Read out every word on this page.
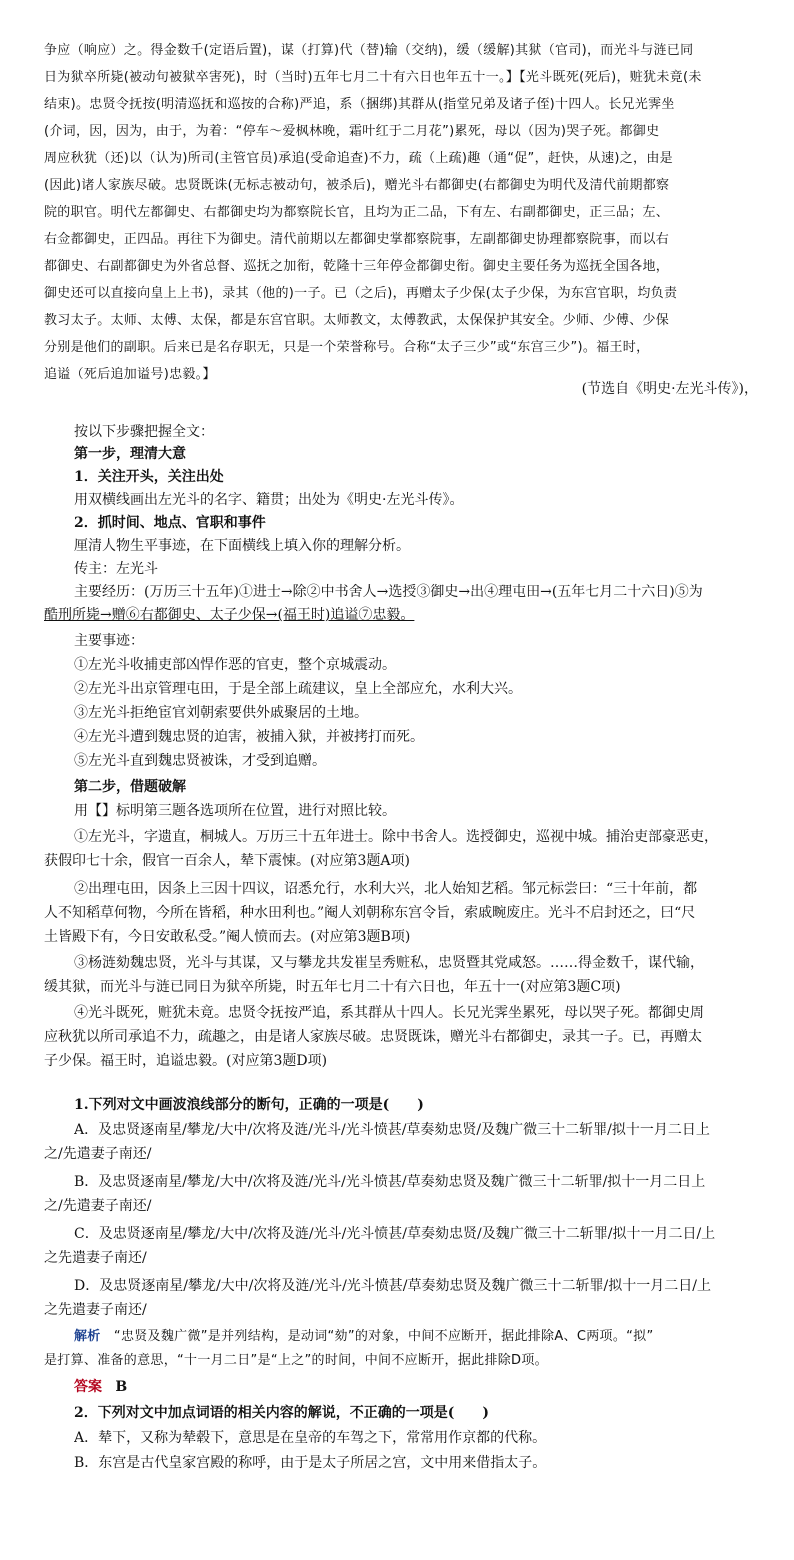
争应（响应）之。得金数千(定语后置)，谋（打算)代（替)输（交纳)，缓（缓解)其狱（官司)，而光斗与涟已同
日为狱卒所毙(被动句被狱卒害死)，时（当时)五年七月二十有六日也年五十一。】【光斗既死(死后)，赃犹未竟(未
结束)。忠贤令抚按(明清巡抚和巡按的合称)严追，系（捆绑)其群从(指堂兄弟及诸子侄)十四人。长兄光霁坐
(介词，因，因为，由于，为着：“停车～爱枫林晚，霜叶红于二月花”)累死，母以（因为)哭子死。都御史
周应秋犹（还)以（认为)所司(主管官员)承追(受命追查)不力，疏（上疏)趣（通“促”，赶快，从速)之，由是
(因此)诸人家族尽破。忠贤既诛(无标志被动句，被杀后)，赠光斗右都御史(右都御史为明代及清代前期都察
院的职官。明代左都御史、右都御史均为都察院长官，且均为正二品，下有左、右副都御史，正三品；左、
右佥都御史，正四品。再往下为御史。清代前期以左都御史掌都察院事，左副都御史协理都察院事，而以右
都御史、右副都御史为外省总督、巡抚之加衔，乾隆十三年停佥都御史衔。御史主要任务为巡抚全国各地，
御史还可以直接向皇上上书)，录其（他的)一子。已（之后)，再赠太子少保(太子少保，为东宫官职，均负责
教习太子。太师、太傅、太保，都是东宫官职。太师教文，太傅教武，太保保护其安全。少师、少傅、少保
分别是他们的副职。后来已是名存职无，只是一个荣誉称号。合称“太子三少”或“东宫三少”)。福王时，
追谥（死后追加谥号)忠毅。】
(节选自《明史·左光斗传》)，
按以下步骤把握全文：
第一步，理清大意
1．关注开头，关注出处
用双横线画出左光斗的名字、籍贯；出处为《明史·左光斗传》。
2．抓时间、地点、官职和事件
厘清人物生平事迹，在下面横线上填入你的理解分析。
传主：左光斗
主要经历：(万历三十五年)①进士→除②中书舍人→选授③御史→出④理屯田→(五年七月二十六日)⑤为
酷刑所毙→赠⑥右都御史、太子少保→(福王时)追谥⑦忠毅。
主要事迹：
①左光斗收捕吏部凶悍作恶的官吏，整个京城震动。
②左光斗出京管理屯田，于是全部上疏建议，皇上全部应允，水利大兴。
③左光斗拒绝宦官刘朝索要供外戚聚居的土地。
④左光斗遭到魏忠贤的迫害，被捕入狱，并被拷打而死。
⑤左光斗直到魏忠贤被诛，才受到追赠。
第二步，借题破解
用【】标明第三题各选项所在位置，进行对照比较。
①左光斗，字遗直，桐城人。万历三十五年进士。除中书舍人。选授御史，巡视中城。捕治吏部豪恶吏，
获假印七十余，假官一百余人，辇下震悚。(对应第3题A项)
②出理屯田，因条上三因十四议，诏悉允行，水利大兴，北人始知艺稻。邹元标尝曰：“三十年前，都
人不知稻草何物，今所在皆稻，种水田利也。”阉人刘朝称东宫令旨，索戚畹废庄。光斗不启封还之，曰“尺
土皆殿下有，今日安敢私受。”阉人愤而去。(对应第3题B项)
③杨涟劾魏忠贤，光斗与其谋，又与攀龙共发崔呈秀赃私，忠贤暨其党咸怒。……得金数千，谋代输，
缓其狱，而光斗与涟已同日为狱卒所毙，时五年七月二十有六日也，年五十一(对应第3题C项)
④光斗既死，赃犹未竟。忠贤令抚按严追，系其群从十四人。长兄光霁坐累死，母以哭子死。都御史周
应秋犹以所司承追不力，疏趣之，由是诸人家族尽破。忠贤既诛，赠光斗右都御史，录其一子。已，再赠太
子少保。福王时，追谥忠毅。(对应第3题D项)
1.下列对文中画波浪线部分的断句，正确的一项是(　　)
A．及忠贤逐南星/攀龙/大中/次将及涟/光斗/光斗愤甚/草奏劾忠贤/及魏广微三十二斩罪/拟十一月二日上
之/先遣妻子南还/
B．及忠贤逐南星/攀龙/大中/次将及涟/光斗/光斗愤甚/草奏劾忠贤及魏广微三十二斩罪/拟十一月二日上
之/先遣妻子南还/
C．及忠贤逐南星/攀龙/大中/次将及涟/光斗/光斗愤甚/草奏劾忠贤/及魏广微三十二斩罪/拟十一月二日/上
之先遣妻子南还/
D．及忠贤逐南星/攀龙/大中/次将及涟/光斗/光斗愤甚/草奏劾忠贤及魏广微三十二斩罪/拟十一月二日/上
之先遣妻子南还/
解析 “忠贤及魏广微”是并列结构，是动词“劾”的对象，中间不应断开，据此排除A、C两项。“拟”
是打算、准备的意思，“十一月二日”是“上之”的时间，中间不应断开，据此排除D项。
答案 B
2．下列对文中加点词语的相关内容的解说，不正确的一项是(　　)
A．辇下，又称为辇毂下，意思是在皇帝的车驾之下，常常用作京都的代称。
B．东宫是古代皇家宫殿的称呼，由于是太子所居之宫，文中用来借指太子。
